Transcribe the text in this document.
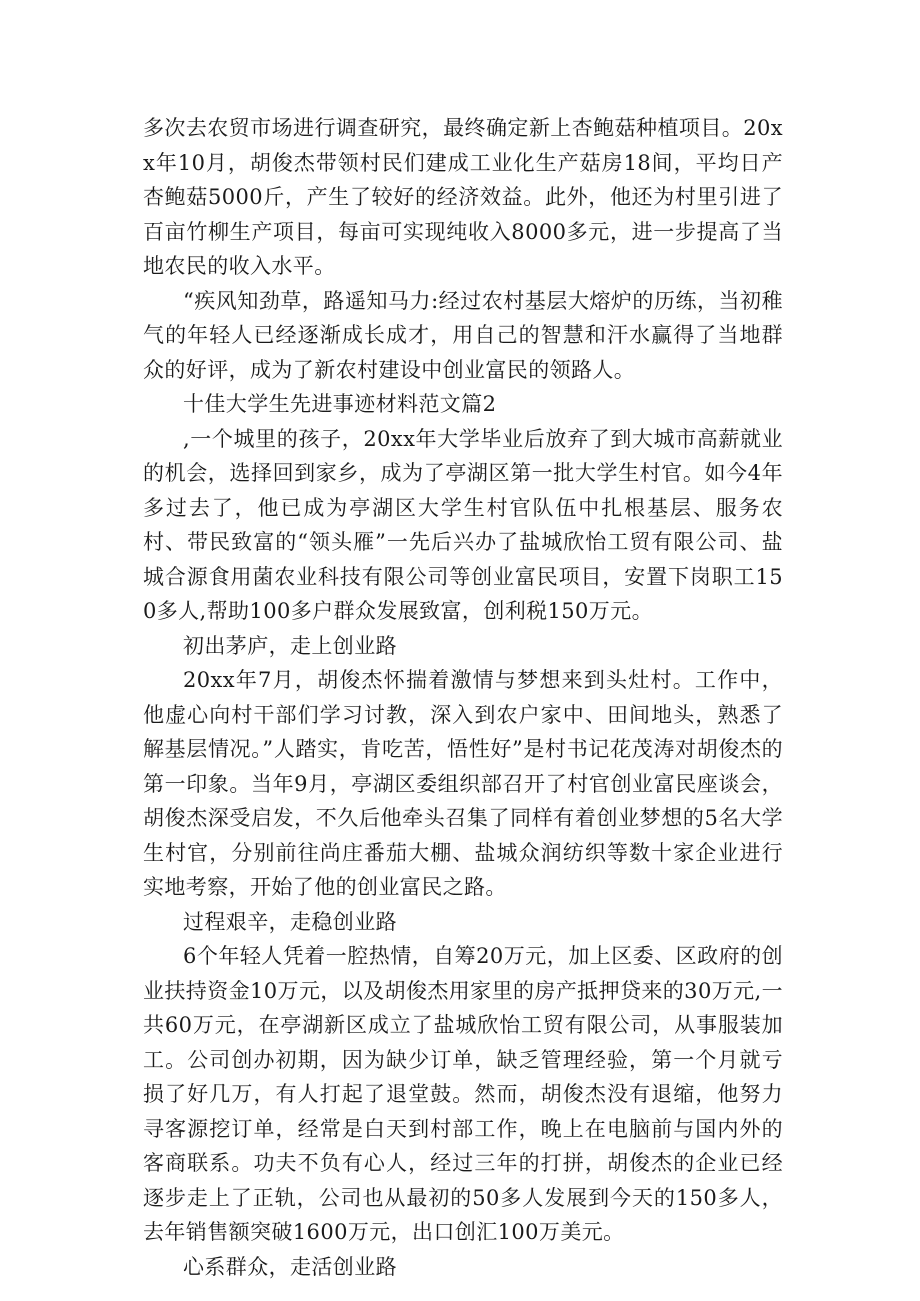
多次去农贸市场进行调查研究，最终确定新上杏鲍菇种植项目。20xx年10月，胡俊杰带领村民们建成工业化生产菇房18间，平均日产杏鲍菇5000斤，产生了较好的经济效益。此外，他还为村里引进了百亩竹柳生产项目，每亩可实现纯收入8000多元，进一步提高了当地农民的收入水平。

“疾风知劲草，路遥知马力:经过农村基层大熔炉的历练，当初稚气的年轻人已经逐渐成长成才，用自己的智慧和汗水赢得了当地群众的好评，成为了新农村建设中创业富民的领路人。

十佳大学生先进事迹材料范文篇2

,一个城里的孩子，20xx年大学毕业后放弃了到大城市高薪就业的机会，选择回到家乡，成为了亭湖区第一批大学生村官。如今4年多过去了，他已成为亭湖区大学生村官队伍中扎根基层、服务农村、带民致富的“领头雁”一先后兴办了盐城欣怡工贸有限公司、盐城合源食用菌农业科技有限公司等创业富民项目，安置下岗职工150多人,帮助100多户群众发展致富，创利税150万元。

初出茅庐，走上创业路

20xx年7月，胡俊杰怀揣着激情与梦想来到头灶村。工作中，他虚心向村干部们学习讨教，深入到农户家中、田间地头，熟悉了解基层情况。”人踏实，肯吃苦，悟性好”是村书记花茂涛对胡俊杰的第一印象。当年9月，亭湖区委组织部召开了村官创业富民座谈会，胡俊杰深受启发，不久后他牵头召集了同样有着创业梦想的5名大学生村官，分别前往尚庄番茄大棚、盐城众润纺织等数十家企业进行实地考察，开始了他的创业富民之路。

过程艰辛，走稳创业路

6个年轻人凭着一腔热情，自筹20万元，加上区委、区政府的创业扶持资金10万元，以及胡俊杰用家里的房产抵押贷来的30万元,一共60万元，在亭湖新区成立了盐城欣怡工贸有限公司，从事服装加工。公司创办初期，因为缺少订单，缺乏管理经验，第一个月就亏损了好几万，有人打起了退堂鼓。然而，胡俊杰没有退缩，他努力寻客源挖订单，经常是白天到村部工作，晚上在电脑前与国内外的客商联系。功夫不负有心人，经过三年的打拼，胡俊杰的企业已经逐步走上了正轨，公司也从最初的50多人发展到今天的150多人，去年销售额突破1600万元，出口创汇100万美元。

心系群众，走活创业路
